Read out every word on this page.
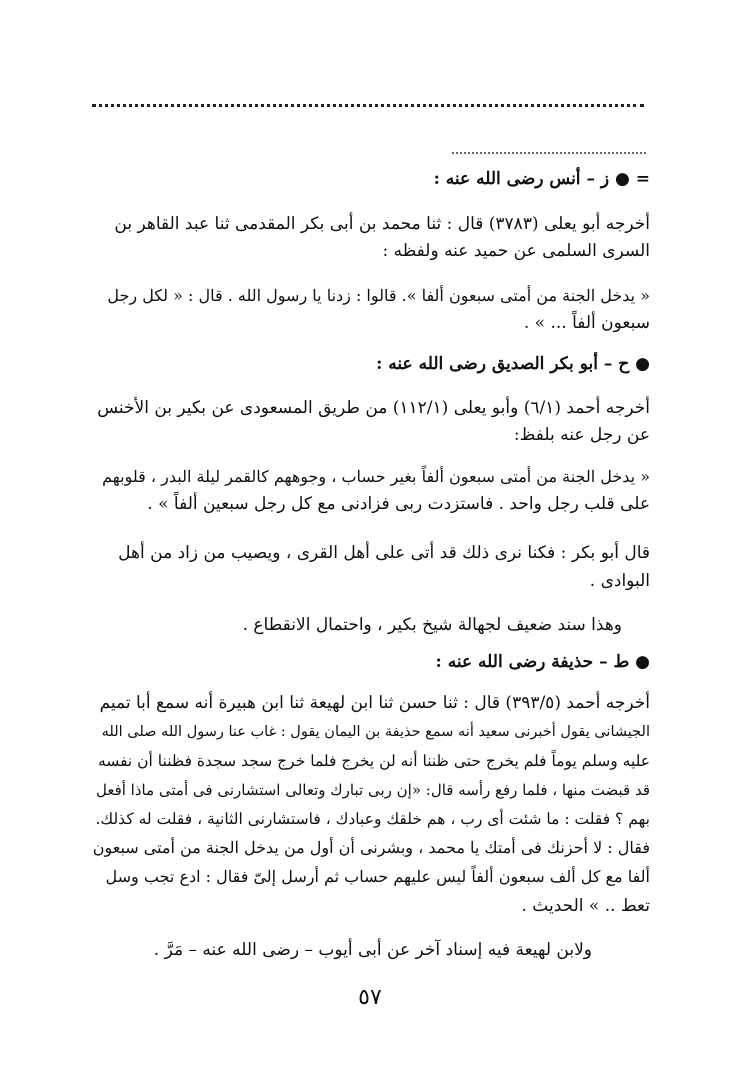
= ● ز – أنس رضى الله عنه :
أخرجه أبو يعلى (٣٧٨٣) قال : ثنا محمد بن أبى بكر المقدمى ثنا عبد القاهر بن
السرى السلمى عن حميد عنه ولفظه :
« يدخل الجنة من أمتى سبعون ألفا ». قالوا : زدنا يا رسول الله . قال : « لكل رجل
سبعون ألفاً ... » .
● ح – أبو بكر الصديق رضى الله عنه :
أخرجه أحمد (٦/١) وأبو يعلى (١١٢/١) من طريق المسعودى عن بكير بن الأخنس
عن رجل عنه بلفظ:
« يدخل الجنة من أمتى سبعون ألفاً بغير حساب ، وجوههم كالقمر ليلة البدر ، قلوبهم
على قلب رجل واحد . فاستزدت ربى فزادنى مع كل رجل سبعين ألفاً » .
قال أبو بكر : فكنا نرى ذلك قد أتى على أهل القرى ، ويصيب من زاد من أهل
البوادى .
وهذا سند ضعيف لجهالة شيخ بكير ، واحتمال الانقطاع .
● ط – حذيفة رضى الله عنه :
أخرجه أحمد (٣٩٣/٥) قال : ثنا حسن ثنا ابن لهيعة ثنا ابن هبيرة أنه سمع أبا تميم
الجيشانى يقول أخبرنى سعيد أنه سمع حذيفة بن اليمان يقول : غاب عنا رسول الله صلى الله
عليه وسلم يوماً فلم يخرج حتى ظننا أنه لن يخرج فلما خرج سجد سجدة فظننا أن نفسه
قد قبضت منها ، فلما رفع رأسه قال: «إن ربى تبارك وتعالى استشارنى فى أمتى ماذا أفعل
بهم ؟ فقلت : ما شئت أى رب ، هم خلقك وعبادك ، فاستشارنى الثانية ، فقلت له كذلك.
فقال : لا أحزنك فى أمتك يا محمد ، وبشرنى أن أول من يدخل الجنة من أمتى سبعون
ألفا مع كل ألف سبعون ألفاً ليس عليهم حساب ثم أرسل إلىّ فقال : ادع تجب وسل
تعط .. » الحديث .
ولابن لهيعة فيه إسناد آخر عن أبى أيوب – رضى الله عنه – مَرَّ .
٥٧
